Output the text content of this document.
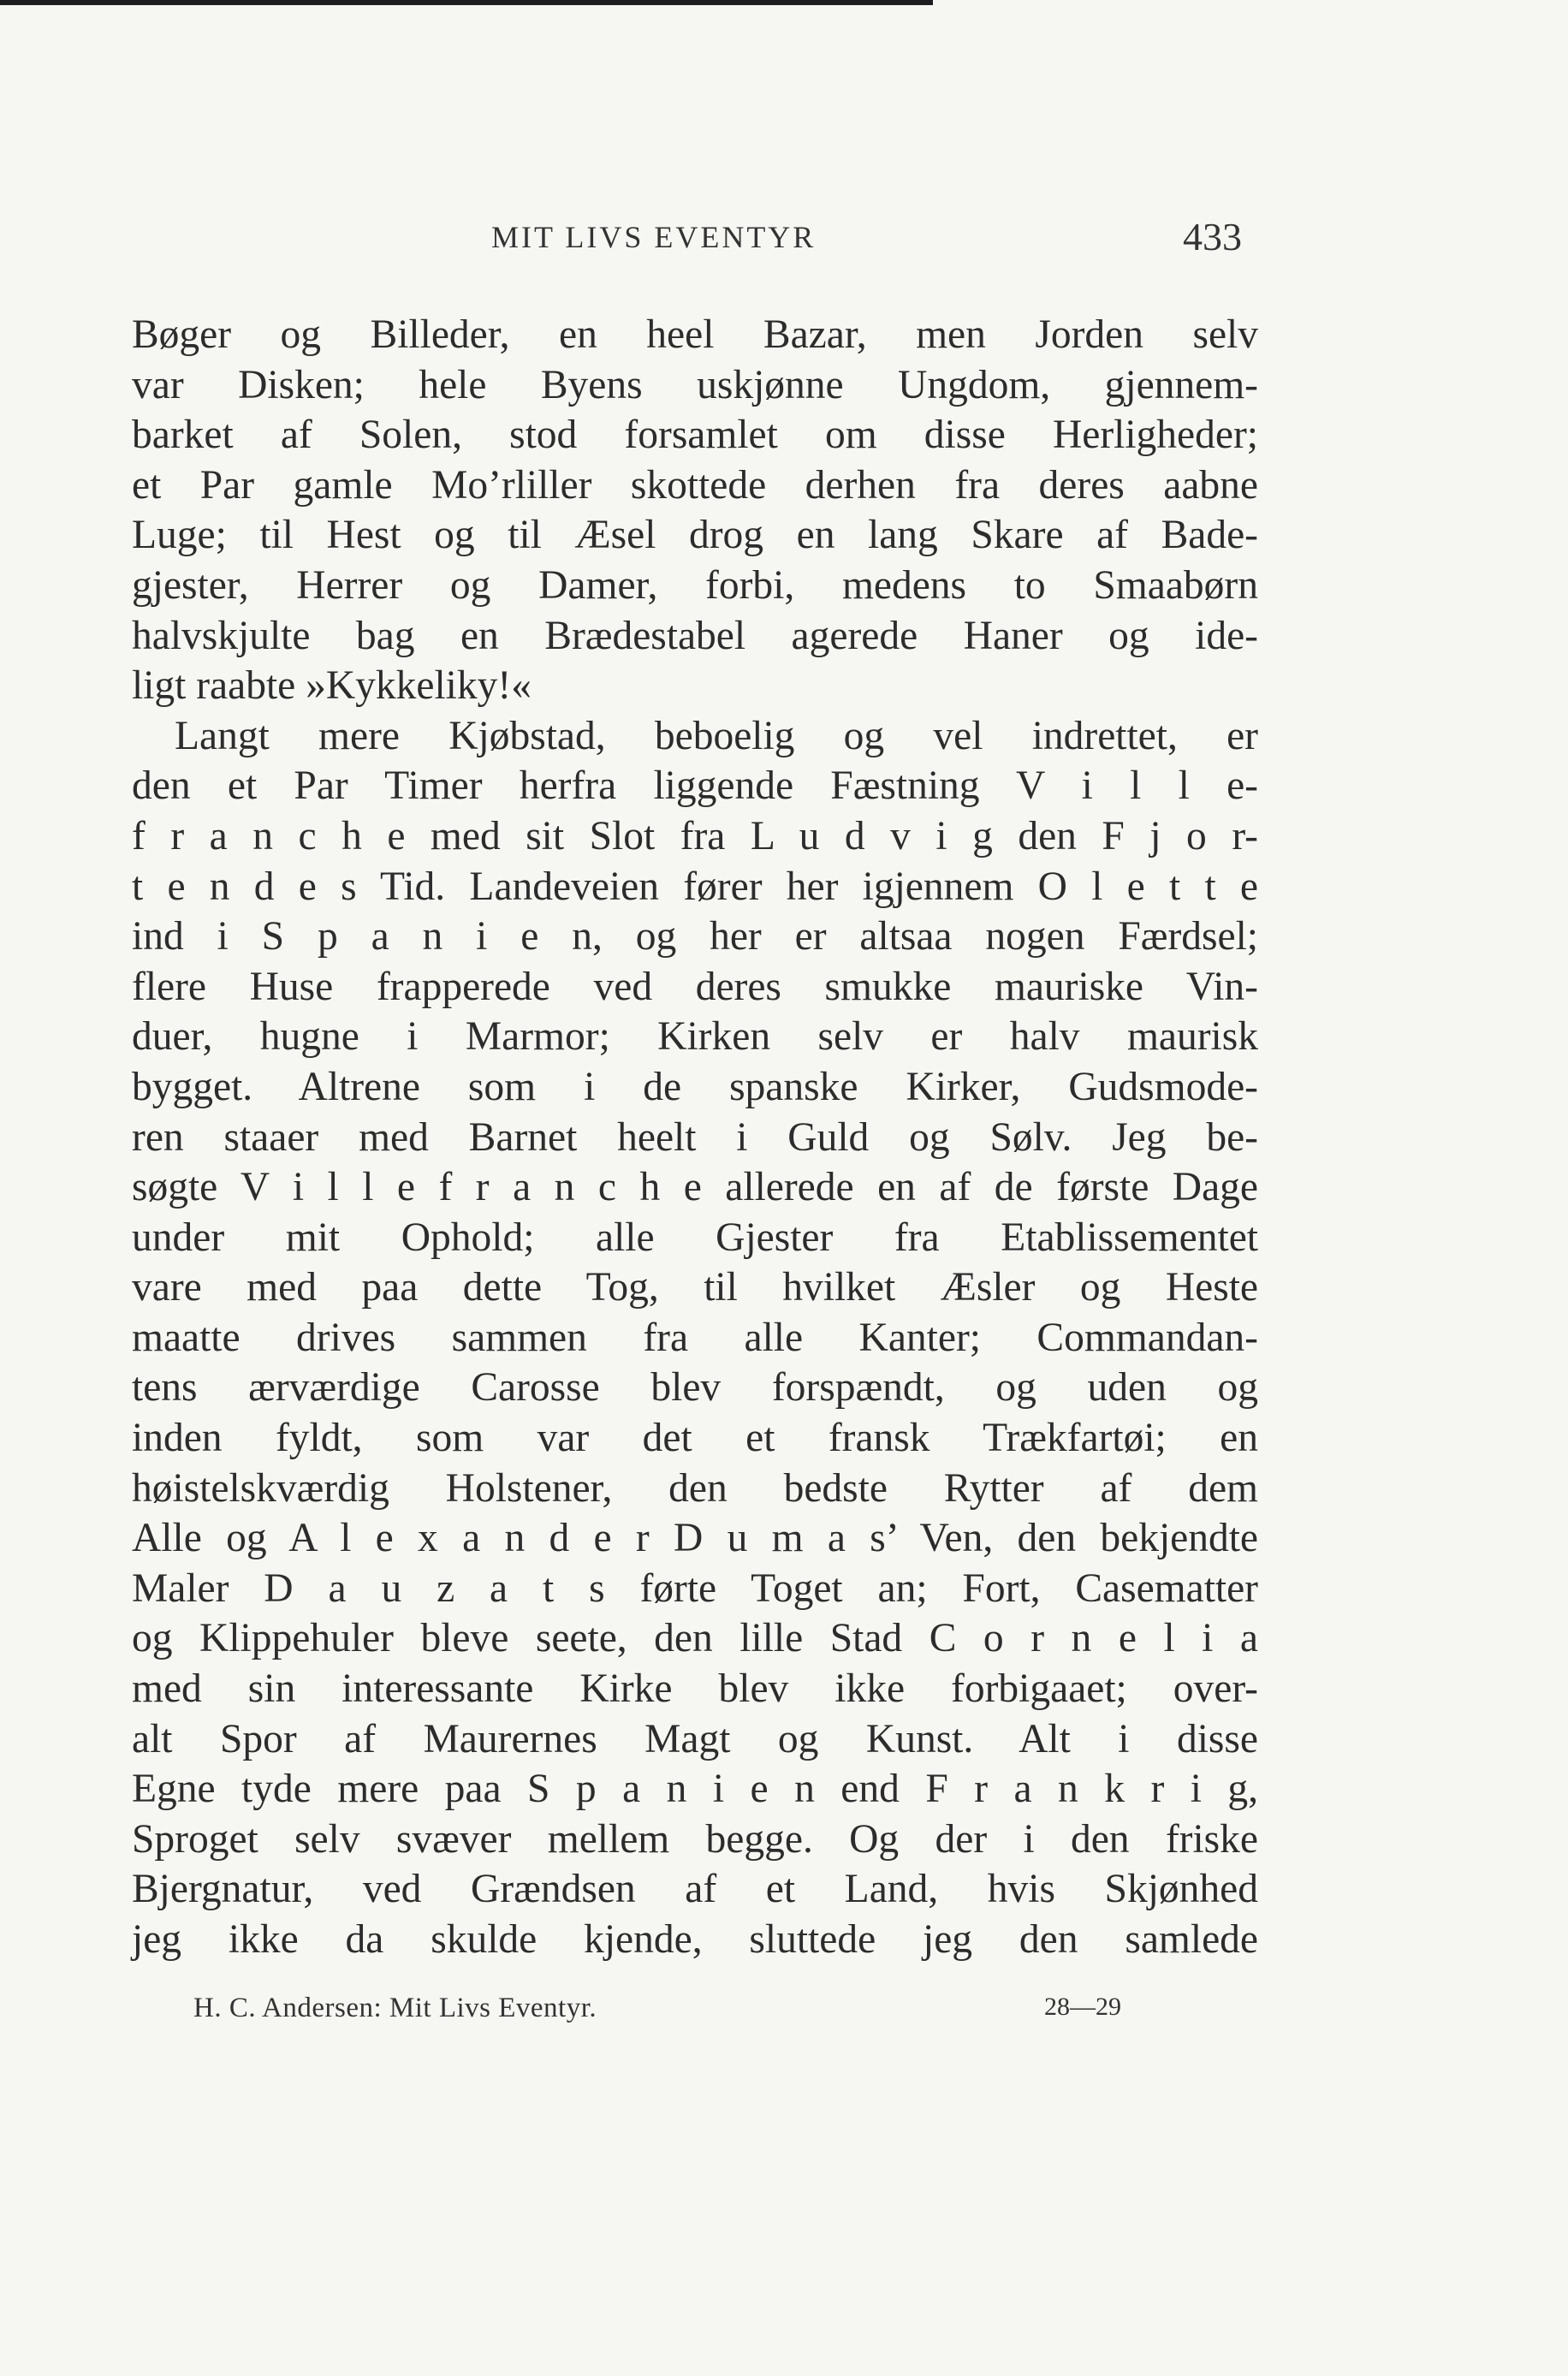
MIT LIVS EVENTYR	433
Bøger og Billeder, en heel Bazar, men Jorden selv
var Disken; hele Byens uskjønne Ungdom, gjennem-
barket af Solen, stod forsamlet om disse Herligheder;
et Par gamle Mo’rliller skottede derhen fra deres aabne
Luge; til Hest og til Æsel drog en lang Skare af Bade-
gjester, Herrer og Damer, forbi, medens to Smaabørn
halvskjulte bag en Brædestabel agerede Haner og ide-
ligt raabte »Kykkeliky!«
Langt mere Kjøbstad, beboelig og vel indrettet, er
den et Par Timer herfra liggende Fæstning V i l l e-
f r a n c h e med sit Slot fra L u d v i g den F j o r-
t e n d e s Tid. Landeveien fører her igjennem O l e t t e
ind i S p a n i e n, og her er altsaa nogen Færdsel;
flere Huse frapperede ved deres smukke mauriske Vin-
duer, hugne i Marmor; Kirken selv er halv maurisk
bygget. Altrene som i de spanske Kirker, Gudsmode-
ren staaer med Barnet heelt i Guld og Sølv. Jeg be-
søgte V i l l e f r a n c h e allerede en af de første Dage
under mit Ophold; alle Gjester fra Etablissementet
vare med paa dette Tog, til hvilket Æsler og Heste
maatte drives sammen fra alle Kanter; Commandan-
tens ærværdige Carosse blev forspændt, og uden og
inden fyldt, som var det et fransk Trækfartøi; en
høistelskværdig Holstener, den bedste Rytter af dem
Alle og A l e x a n d e r D u m a s’ Ven, den bekjendte
Maler D a u z a t s førte Toget an; Fort, Casematter
og Klippehuler bleve seete, den lille Stad C o r n e l i a
med sin interessante Kirke blev ikke forbigaaet; over-
alt Spor af Maurernes Magt og Kunst. Alt i disse
Egne tyde mere paa S p a n i e n end F r a n k r i g,
Sproget selv svæver mellem begge. Og der i den friske
Bjergnatur, ved Grændsen af et Land, hvis Skjønhed
jeg ikke da skulde kjende, sluttede jeg den samlede
H. C. Andersen: Mit Livs Eventyr.	28—29
